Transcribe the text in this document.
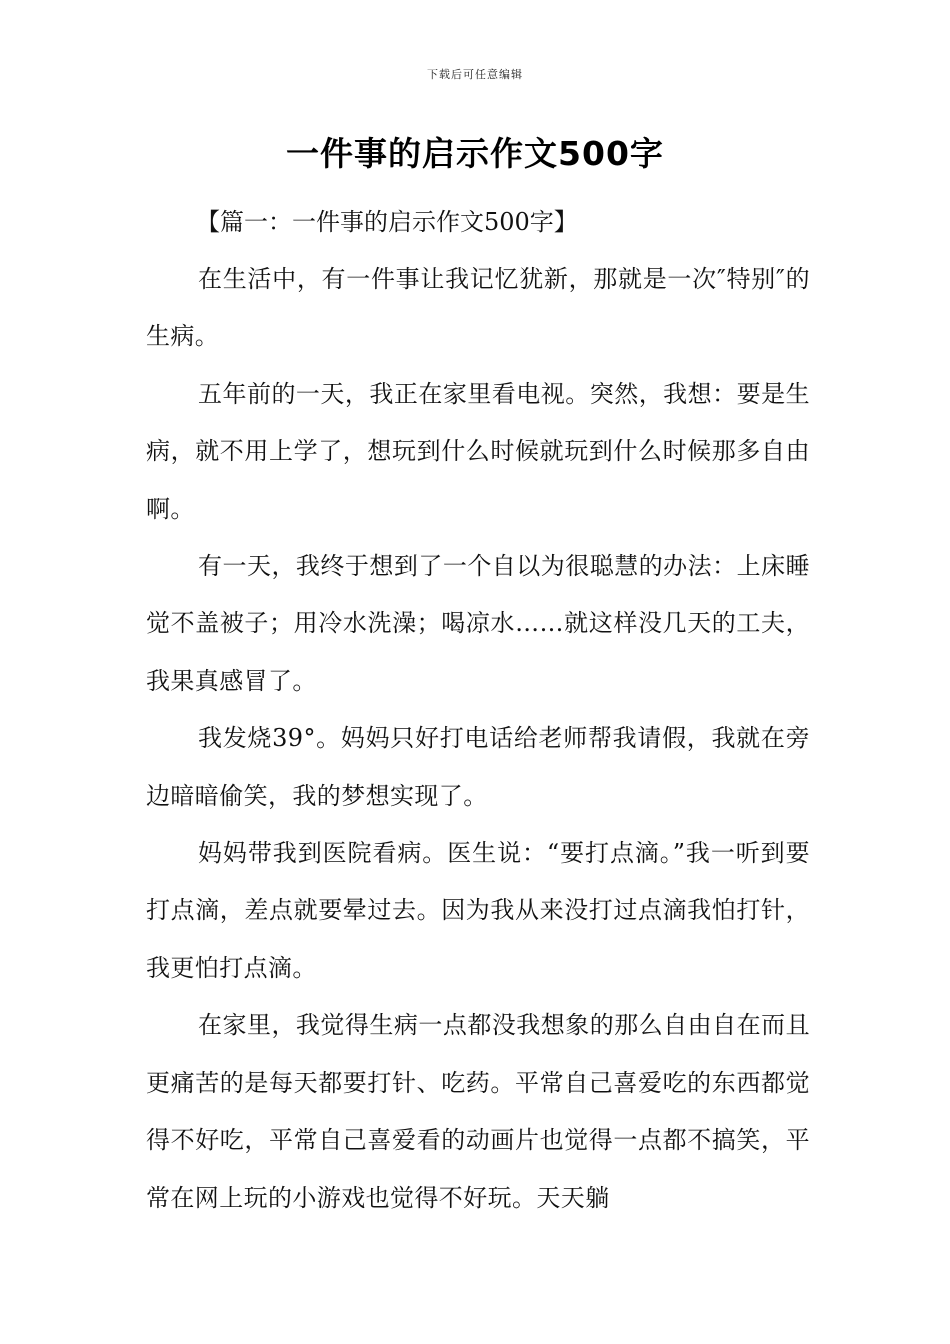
下载后可任意编辑
一件事的启示作文500字
【篇一：一件事的启示作文500字】

在生活中，有一件事让我记忆犹新，那就是一次″特别″的生病。

五年前的一天，我正在家里看电视。突然，我想：要是生病，就不用上学了，想玩到什么时候就玩到什么时候那多自由啊。

有一天，我终于想到了一个自以为很聪慧的办法：上床睡觉不盖被子；用冷水洗澡；喝凉水……就这样没几天的工夫，我果真感冒了。

我发烧39°。妈妈只好打电话给老师帮我请假，我就在旁边暗暗偷笑，我的梦想实现了。

妈妈带我到医院看病。医生说：“要打点滴。”我一听到要打点滴，差点就要晕过去。因为我从来没打过点滴我怕打针，我更怕打点滴。

在家里，我觉得生病一点都没我想象的那么自由自在而且更痛苦的是每天都要打针、吃药。平常自己喜爱吃的东西都觉得不好吃，平常自己喜爱看的动画片也觉得一点都不搞笑，平常在网上玩的小游戏也觉得不好玩。天天躺
